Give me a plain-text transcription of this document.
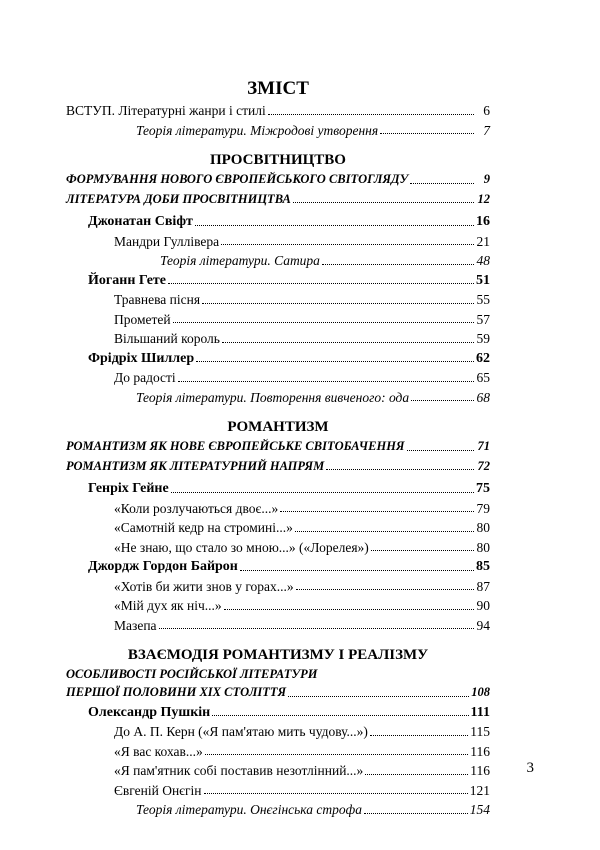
ЗМІСТ
ВСТУП. Літературні жанри і стилі	6
Теорія літератури. Міжродові утворення	7
ПРОСВІТНИЦТВО
ФОРМУВАННЯ НОВОГО ЄВРОПЕЙСЬКОГО СВІТОГЛЯДУ	9
ЛІТЕРАТУРА ДОБИ ПРОСВІТНИЦТВА	12
Джонатан Свіфт	16
Мандри Гуллівера	21
Теорія літератури. Сатира	48
Йоганн Гете	51
Травнева пісня	55
Прометей	57
Вільшаний король	59
Фрідріх Шиллер	62
До радості	65
Теорія літератури. Повторення вивченого: ода	68
РОМАНТИЗМ
РОМАНТИЗМ ЯК НОВЕ ЄВРОПЕЙСЬКЕ СВІТОБАЧЕННЯ	71
РОМАНТИЗМ ЯК ЛІТЕРАТУРНИЙ НАПРЯМ	72
Генріх Гейне	75
«Коли розлучаються двоє...»	79
«Самотній кедр на стромині...»	80
«Не знаю, що стало зо мною...» («Лорелея»)	80
Джордж Гордон Байрон	85
«Хотів би жити знов у горах...»	87
«Мій дух як ніч...»	90
Мазепа	94
ВЗАЄМОДІЯ РОМАНТИЗМУ І РЕАЛІЗМУ
ОСОБЛИВОСТІ РОСІЙСЬКОЇ ЛІТЕРАТУРИ
ПЕРШОЇ ПОЛОВИНИ XIX СТОЛІТТЯ	108
Олександр Пушкін	111
До А. П. Керн («Я пам'ятаю мить чудову...»)	115
«Я вас кохав...»	116
«Я пам'ятник собі поставив незотлінний...»	116
Євгеній Онєгін	121
Теорія літератури. Онєгінська строфа	154
3
